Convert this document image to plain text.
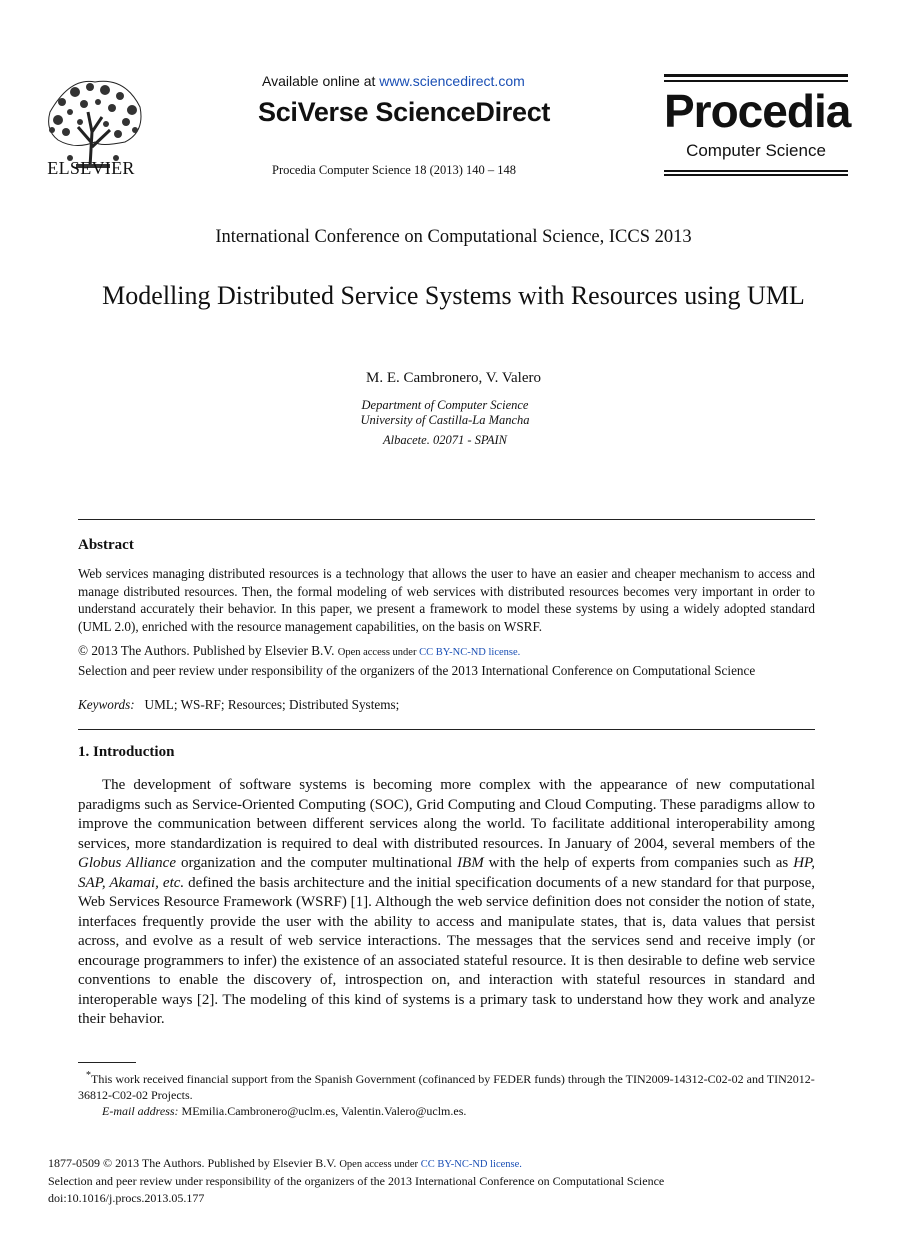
ELSEVIER
Available online at www.sciencedirect.com
SciVerse ScienceDirect
Procedia Computer Science 18 (2013) 140 – 148
Procedia
Computer Science
International Conference on Computational Science, ICCS 2013
Modelling Distributed Service Systems with Resources using UML
M. E. Cambronero, V. Valero
Department of Computer Science
University of Castilla-La Mancha
Albacete. 02071 - SPAIN
Abstract
Web services managing distributed resources is a technology that allows the user to have an easier and cheaper mechanism to access and manage distributed resources. Then, the formal modeling of web services with distributed resources becomes very important in order to understand accurately their behavior. In this paper, we present a framework to model these systems by using a widely adopted standard (UML 2.0), enriched with the resource management capabilities, on the basis on WSRF.
© 2013 The Authors. Published by Elsevier B.V. Open access under CC BY-NC-ND license.
Selection and peer review under responsibility of the organizers of the 2013 International Conference on Computational Science
Keywords: UML; WS-RF; Resources; Distributed Systems;
1. Introduction

The development of software systems is becoming more complex with the appearance of new computational paradigms such as Service-Oriented Computing (SOC), Grid Computing and Cloud Computing. These paradigms allow to improve the communication between different services along the world. To facilitate additional interoperability among services, more standardization is required to deal with distributed resources. In January of 2004, several members of the Globus Alliance organization and the computer multinational IBM with the help of experts from companies such as HP, SAP, Akamai, etc. defined the basis architecture and the initial specification documents of a new standard for that purpose, Web Services Resource Framework (WSRF) [1]. Although the web service definition does not consider the notion of state, interfaces frequently provide the user with the ability to access and manipulate states, that is, data values that persist across, and evolve as a result of web service interactions. The messages that the services send and receive imply (or encourage programmers to infer) the existence of an associated stateful resource. It is then desirable to define web service conventions to enable the discovery of, introspection on, and interaction with stateful resources in standard and interoperable ways [2]. The modeling of this kind of systems is a primary task to understand how they work and analyze their behavior.

*This work received financial support from the Spanish Government (cofinanced by FEDER funds) through the TIN2009-14312-C02-02 and TIN2012-36812-C02-02 Projects.

E-mail address: MEmilia.Cambronero@uclm.es, Valentin.Valero@uclm.es.

1877-0509 © 2013 The Authors. Published by Elsevier B.V. Open access under CC BY-NC-ND license.

Selection and peer review under responsibility of the organizers of the 2013 International Conference on Computational Science

doi:10.1016/j.procs.2013.05.177
